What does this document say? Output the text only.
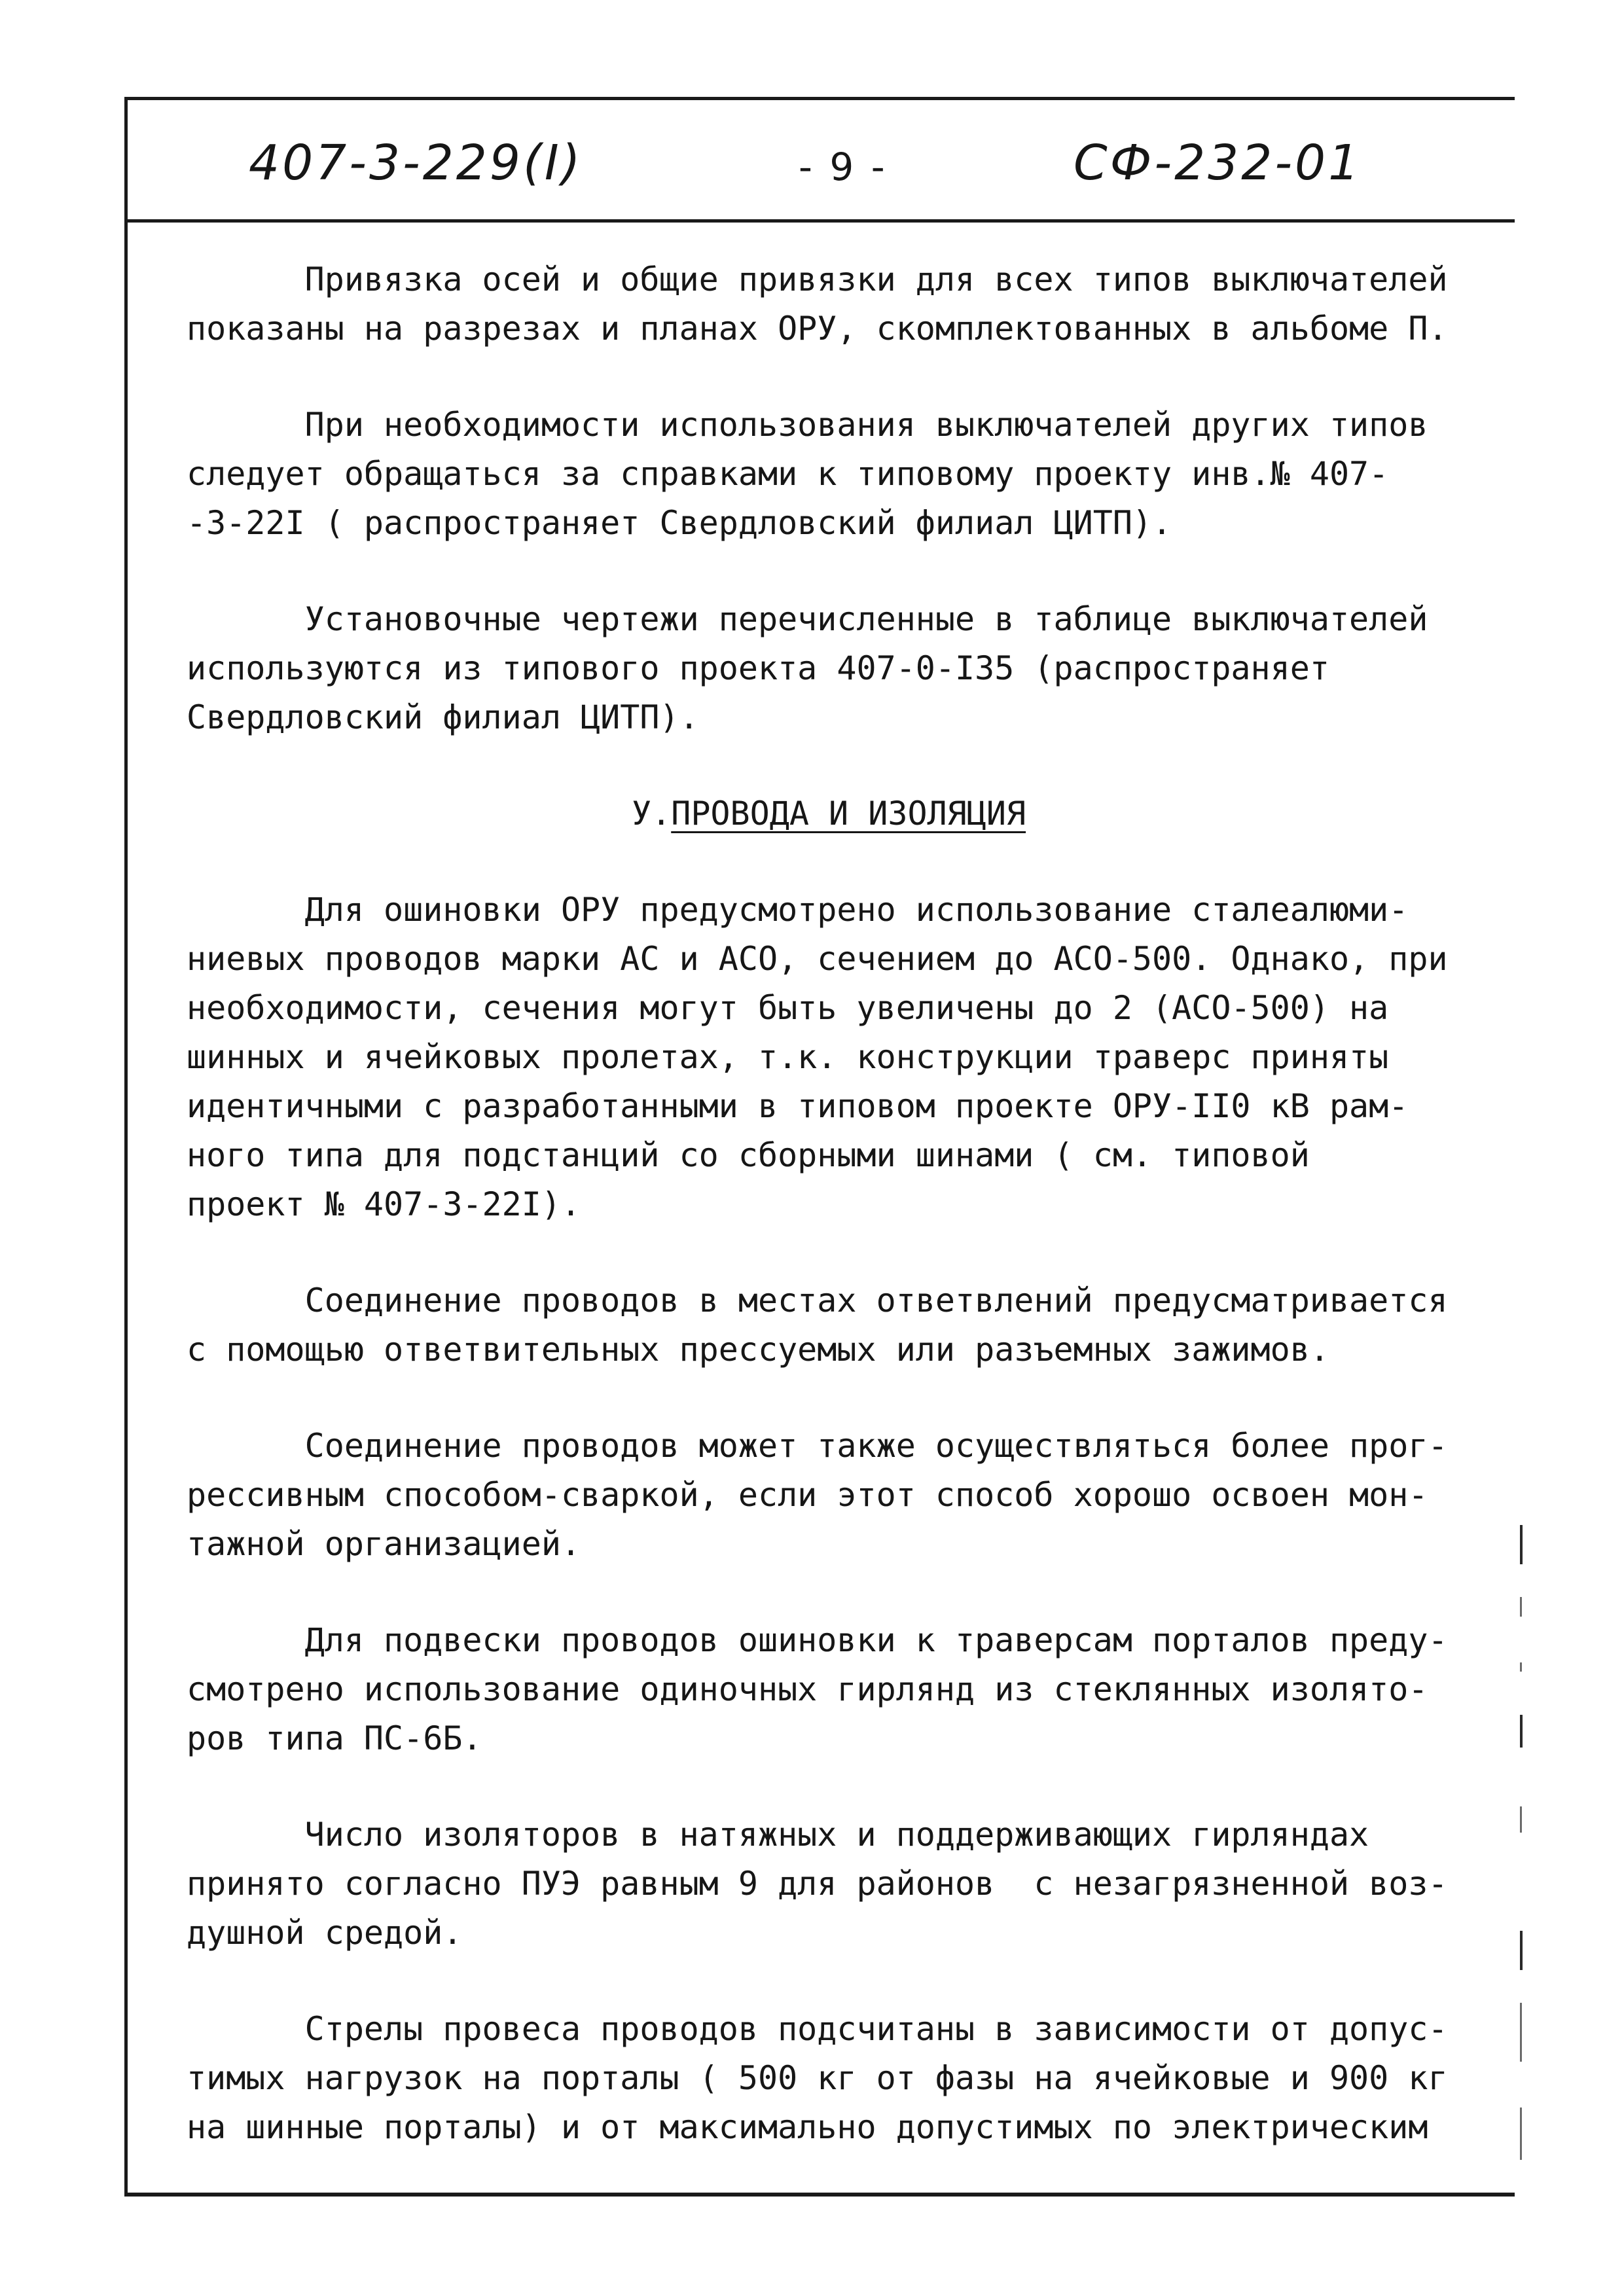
407-3-229(I)	- 9 -	СФ-232-01

Привязка осей и общие привязки для всех типов выключателей
показаны на разрезах и планах ОРУ, скомплектованных в альбоме П.

При необходимости использования выключателей других типов
следует обращаться за справками к типовому проекту инв.№ 407-
-3-22I ( распространяет Свердловский филиал ЦИТП).

Установочные чертежи перечисленные в таблице выключателей
используются из типового проекта 407-0-I35 (распространяет
Свердловский филиал ЦИТП).

У.ПРОВОДА И ИЗОЛЯЦИЯ

Для ошиновки ОРУ предусмотрено использование сталеалюми-
ниевых проводов марки АС и АСО, сечением до АСО-500. Однако, при
необходимости, сечения могут быть увеличены до 2 (АСО-500) на
шинных и ячейковых пролетах, т.к. конструкции траверс приняты
идентичными с разработанными в типовом проекте ОРУ-II0 кВ рам-
ного типа для подстанций со сборными шинами ( см. типовой
проект № 407-3-22I).

Соединение проводов в местах ответвлений предусматривается
с помощью ответвительных прессуемых или разъемных зажимов.

Соединение проводов может также осуществляться более прог-
рессивным способом-сваркой, если этот способ хорошо освоен мон-
тажной организацией.

Для подвески проводов ошиновки к траверсам порталов преду-
смотрено использование одиночных гирлянд из стеклянных изолято-
ров типа ПС-6Б.

Число изоляторов в натяжных и поддерживающих гирляндах
принято согласно ПУЭ равным 9 для районов  с незагрязненной воз-
душной средой.

Стрелы провеса проводов подсчитаны в зависимости от допус-
тимых нагрузок на порталы ( 500 кг от фазы на ячейковые и 900 кг
на шинные порталы) и от максимально допустимых по электрическим
